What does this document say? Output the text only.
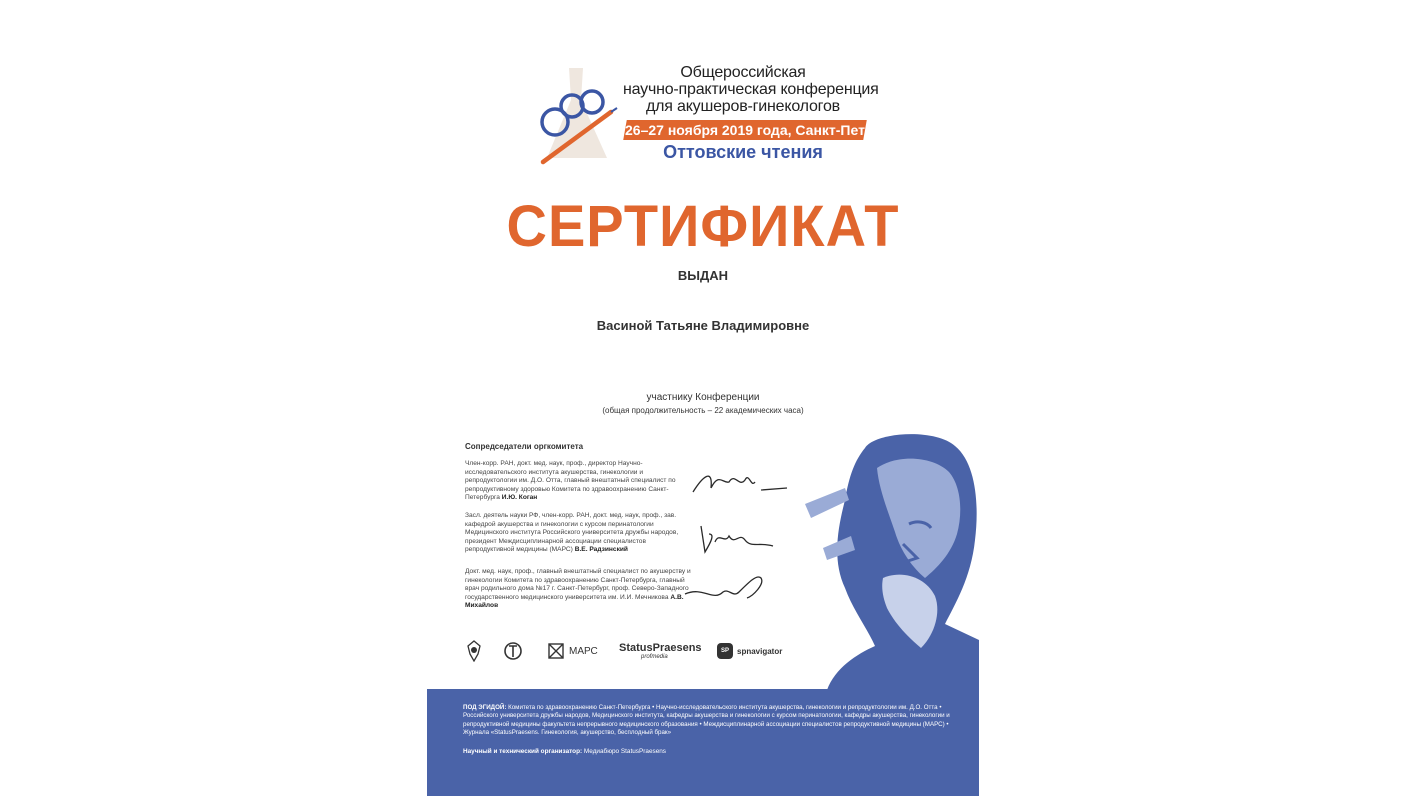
Общероссийская
научно-практическая конференция
для акушеров-гинекологов
26–27 ноября 2019 года, Санкт-Петербург
Оттовские чтения
СЕРТИФИКАТ
ВЫДАН
Васиной Татьяне Владимировне
участнику Конференции
(общая продолжительность – 22 академических часа)
Сопредседатели оргкомитета
Член-корр. РАН, докт. мед. наук, проф., директор Научно-исследовательского института акушерства, гинекологии и репродуктологии им. Д.О. Отта, главный внештатный специалист по репродуктивному здоровью Комитета по здравоохранению Санкт-Петербурга И.Ю. Коган
Засл. деятель науки РФ, член-корр. РАН, докт. мед. наук, проф., зав. кафедрой акушерства и гинекологии с курсом перинатологии Медицинского института Российского университета дружбы народов, президент Междисциплинарной ассоциации специалистов репродуктивной медицины (МАРС) В.Е. Радзинский
Докт. мед. наук, проф., главный внештатный специалист по акушерству и гинекологии Комитета по здравоохранению Санкт-Петербурга, главный врач родильного дома №17 г. Санкт-Петербург, проф. Северо-Западного государственного медицинского университета им. И.И. Мечникова А.В. Михайлов
МАРС StatusPraesens
profmedia
SP	spnavigator
ПОД ЭГИДОЙ: Комитета по здравоохранению Санкт-Петербурга • Научно-исследовательского института акушерства, гинекологии и репродуктологии им. Д.О. Отта • Российского университета дружбы народов, Медицинского института, кафедры акушерства и гинекологии с курсом перинатологии, кафедры акушерства, гинекологии и репродуктивной медицины факультета непрерывного медицинского образования • Междисциплинарной ассоциации специалистов репродуктивной медицины (МАРС) • Журнала «StatusPraesens. Гинекология, акушерство, бесплодный брак»
Научный и технический организатор: Медиабюро StatusPraesens
